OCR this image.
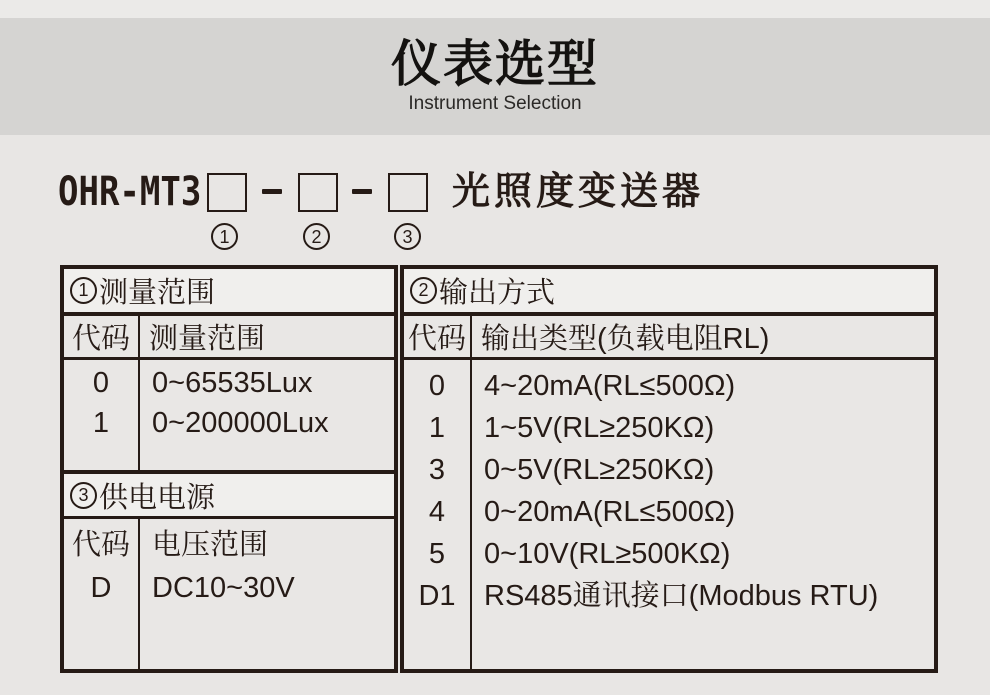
仪表选型
Instrument Selection
OHR-MT3
1	2	3
光照度变送器
1 测量范围
代码 测量范围
0
1
0~65535Lux
0~200000Lux
3 供电电源
代码
D
电压范围
DC10~30V
2 输出方式
代码 输出类型(负载电阻RL)
0
1
3
4
5
D1
4~20mA(RL≤500Ω)
1~5V(RL≥250KΩ)
0~5V(RL≥250KΩ)
0~20mA(RL≤500Ω)
0~10V(RL≥500KΩ)
RS485通讯接口(Modbus RTU)
